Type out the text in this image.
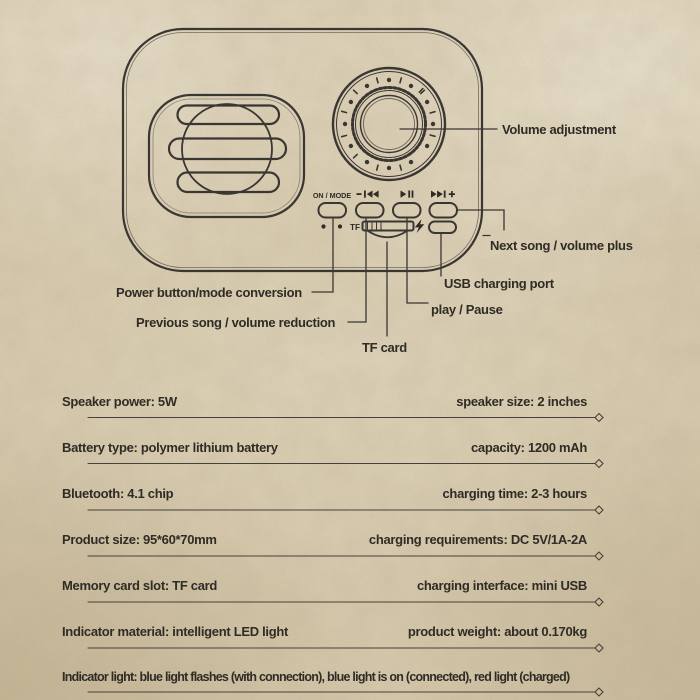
ON / MODE
TF
Volume adjustment
Next song / volume plus
USB charging port
play / Pause
TF card
Power button/mode conversion
Previous song / volume reduction
Speaker power: 5W	speaker size: 2 inches
Battery type: polymer lithium battery	capacity: 1200 mAh
Bluetooth: 4.1 chip	charging time: 2-3 hours
Product size: 95*60*70mm	charging requirements: DC 5V/1A-2A
Memory card slot: TF card	charging interface: mini USB
Indicator material: intelligent LED light	product weight: about 0.170kg
Indicator light: blue light flashes (with connection), blue light is on (connected), red light (charged)
